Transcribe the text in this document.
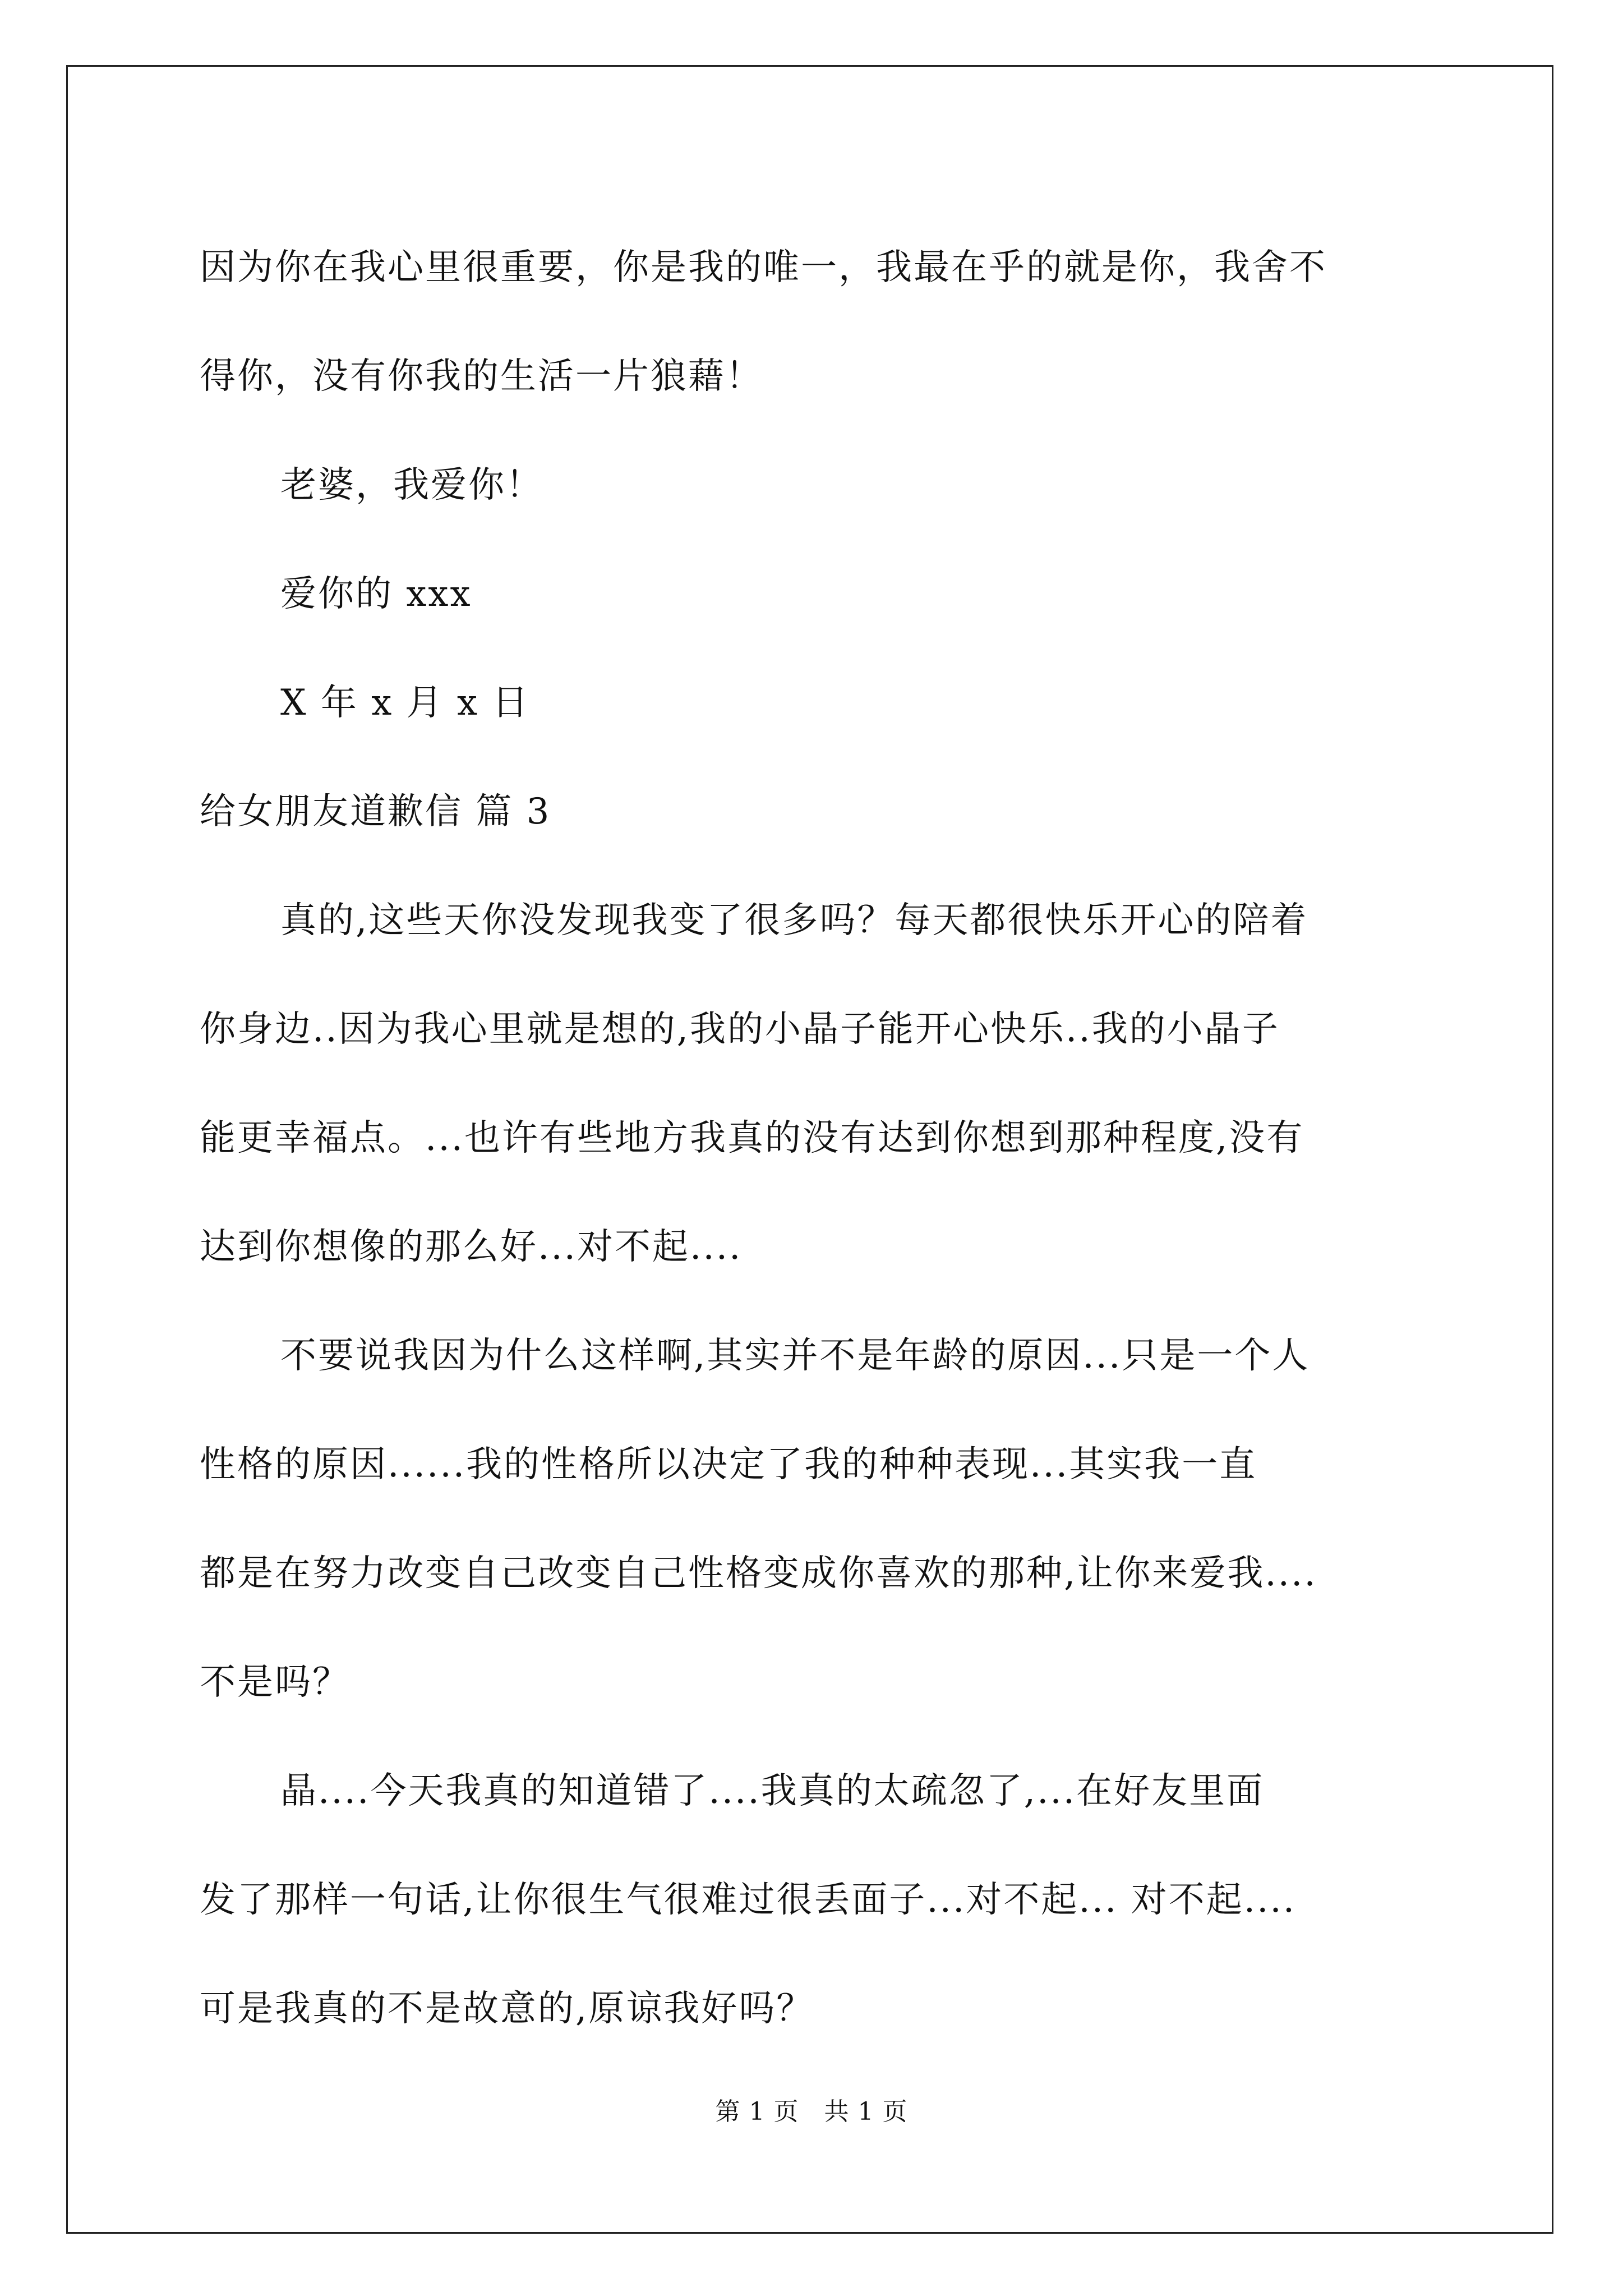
因为你在我心里很重要，你是我的唯一，我最在乎的就是你，我舍不

得你，没有你我的生活一片狼藉！

老婆，我爱你！

爱你的 xxx

X 年 x 月 x 日

给女朋友道歉信 篇 3

真的,这些天你没发现我变了很多吗？每天都很快乐开心的陪着

你身边..因为我心里就是想的,我的小晶子能开心快乐..我的小晶子

能更幸福点。...也许有些地方我真的没有达到你想到那种程度,没有

达到你想像的那么好...对不起....

不要说我因为什么这样啊,其实并不是年龄的原因...只是一个人

性格的原因......我的性格所以决定了我的种种表现...其实我一直

都是在努力改变自己改变自己性格变成你喜欢的那种,让你来爱我....

不是吗？

晶....今天我真的知道错了....我真的太疏忽了,...在好友里面

发了那样一句话,让你很生气很难过很丢面子...对不起... 对不起....

可是我真的不是故意的,原谅我好吗？

第 1 页　共 1 页
